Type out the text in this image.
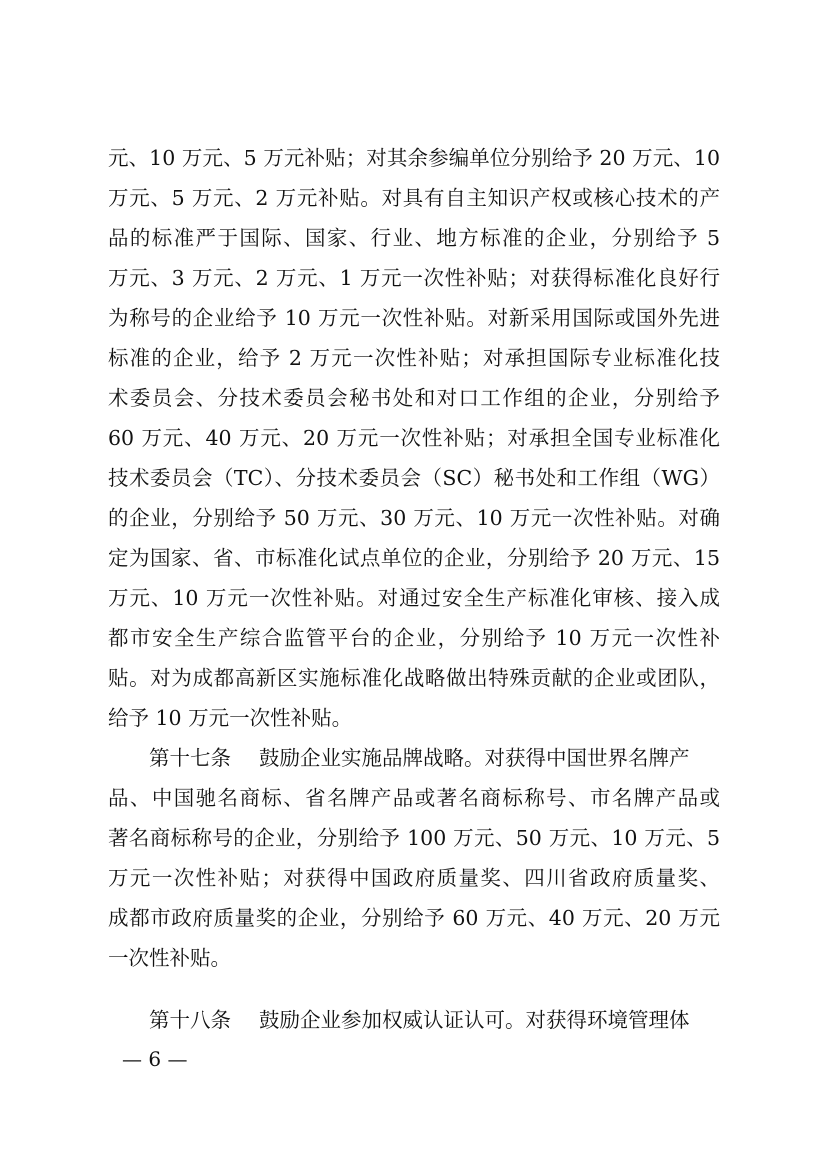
元、10 万元、5 万元补贴；对其余参编单位分别给予 20 万元、10
万元、5 万元、2 万元补贴。对具有自主知识产权或核心技术的产
品的标准严于国际、国家、行业、地方标准的企业，分别给予 5
万元、3 万元、2 万元、1 万元一次性补贴；对获得标准化良好行
为称号的企业给予 10 万元一次性补贴。对新采用国际或国外先进
标准的企业，给予 2 万元一次性补贴；对承担国际专业标准化技
术委员会、分技术委员会秘书处和对口工作组的企业，分别给予
60 万元、40 万元、20 万元一次性补贴；对承担全国专业标准化
技术委员会（TC）、分技术委员会（SC）秘书处和工作组（WG）
的企业，分别给予 50 万元、30 万元、10 万元一次性补贴。对确
定为国家、省、市标准化试点单位的企业，分别给予 20 万元、15
万元、10 万元一次性补贴。对通过安全生产标准化审核、接入成
都市安全生产综合监管平台的企业，分别给予 10 万元一次性补
贴。对为成都高新区实施标准化战略做出特殊贡献的企业或团队，
给予 10 万元一次性补贴。
第十七条 鼓励企业实施品牌战略。对获得中国世界名牌产
品、中国驰名商标、省名牌产品或著名商标称号、市名牌产品或
著名商标称号的企业，分别给予 100 万元、50 万元、10 万元、5
万元一次性补贴；对获得中国政府质量奖、四川省政府质量奖、
成都市政府质量奖的企业，分别给予 60 万元、40 万元、20 万元
一次性补贴。
第十八条 鼓励企业参加权威认证认可。对获得环境管理体
— 6 —
